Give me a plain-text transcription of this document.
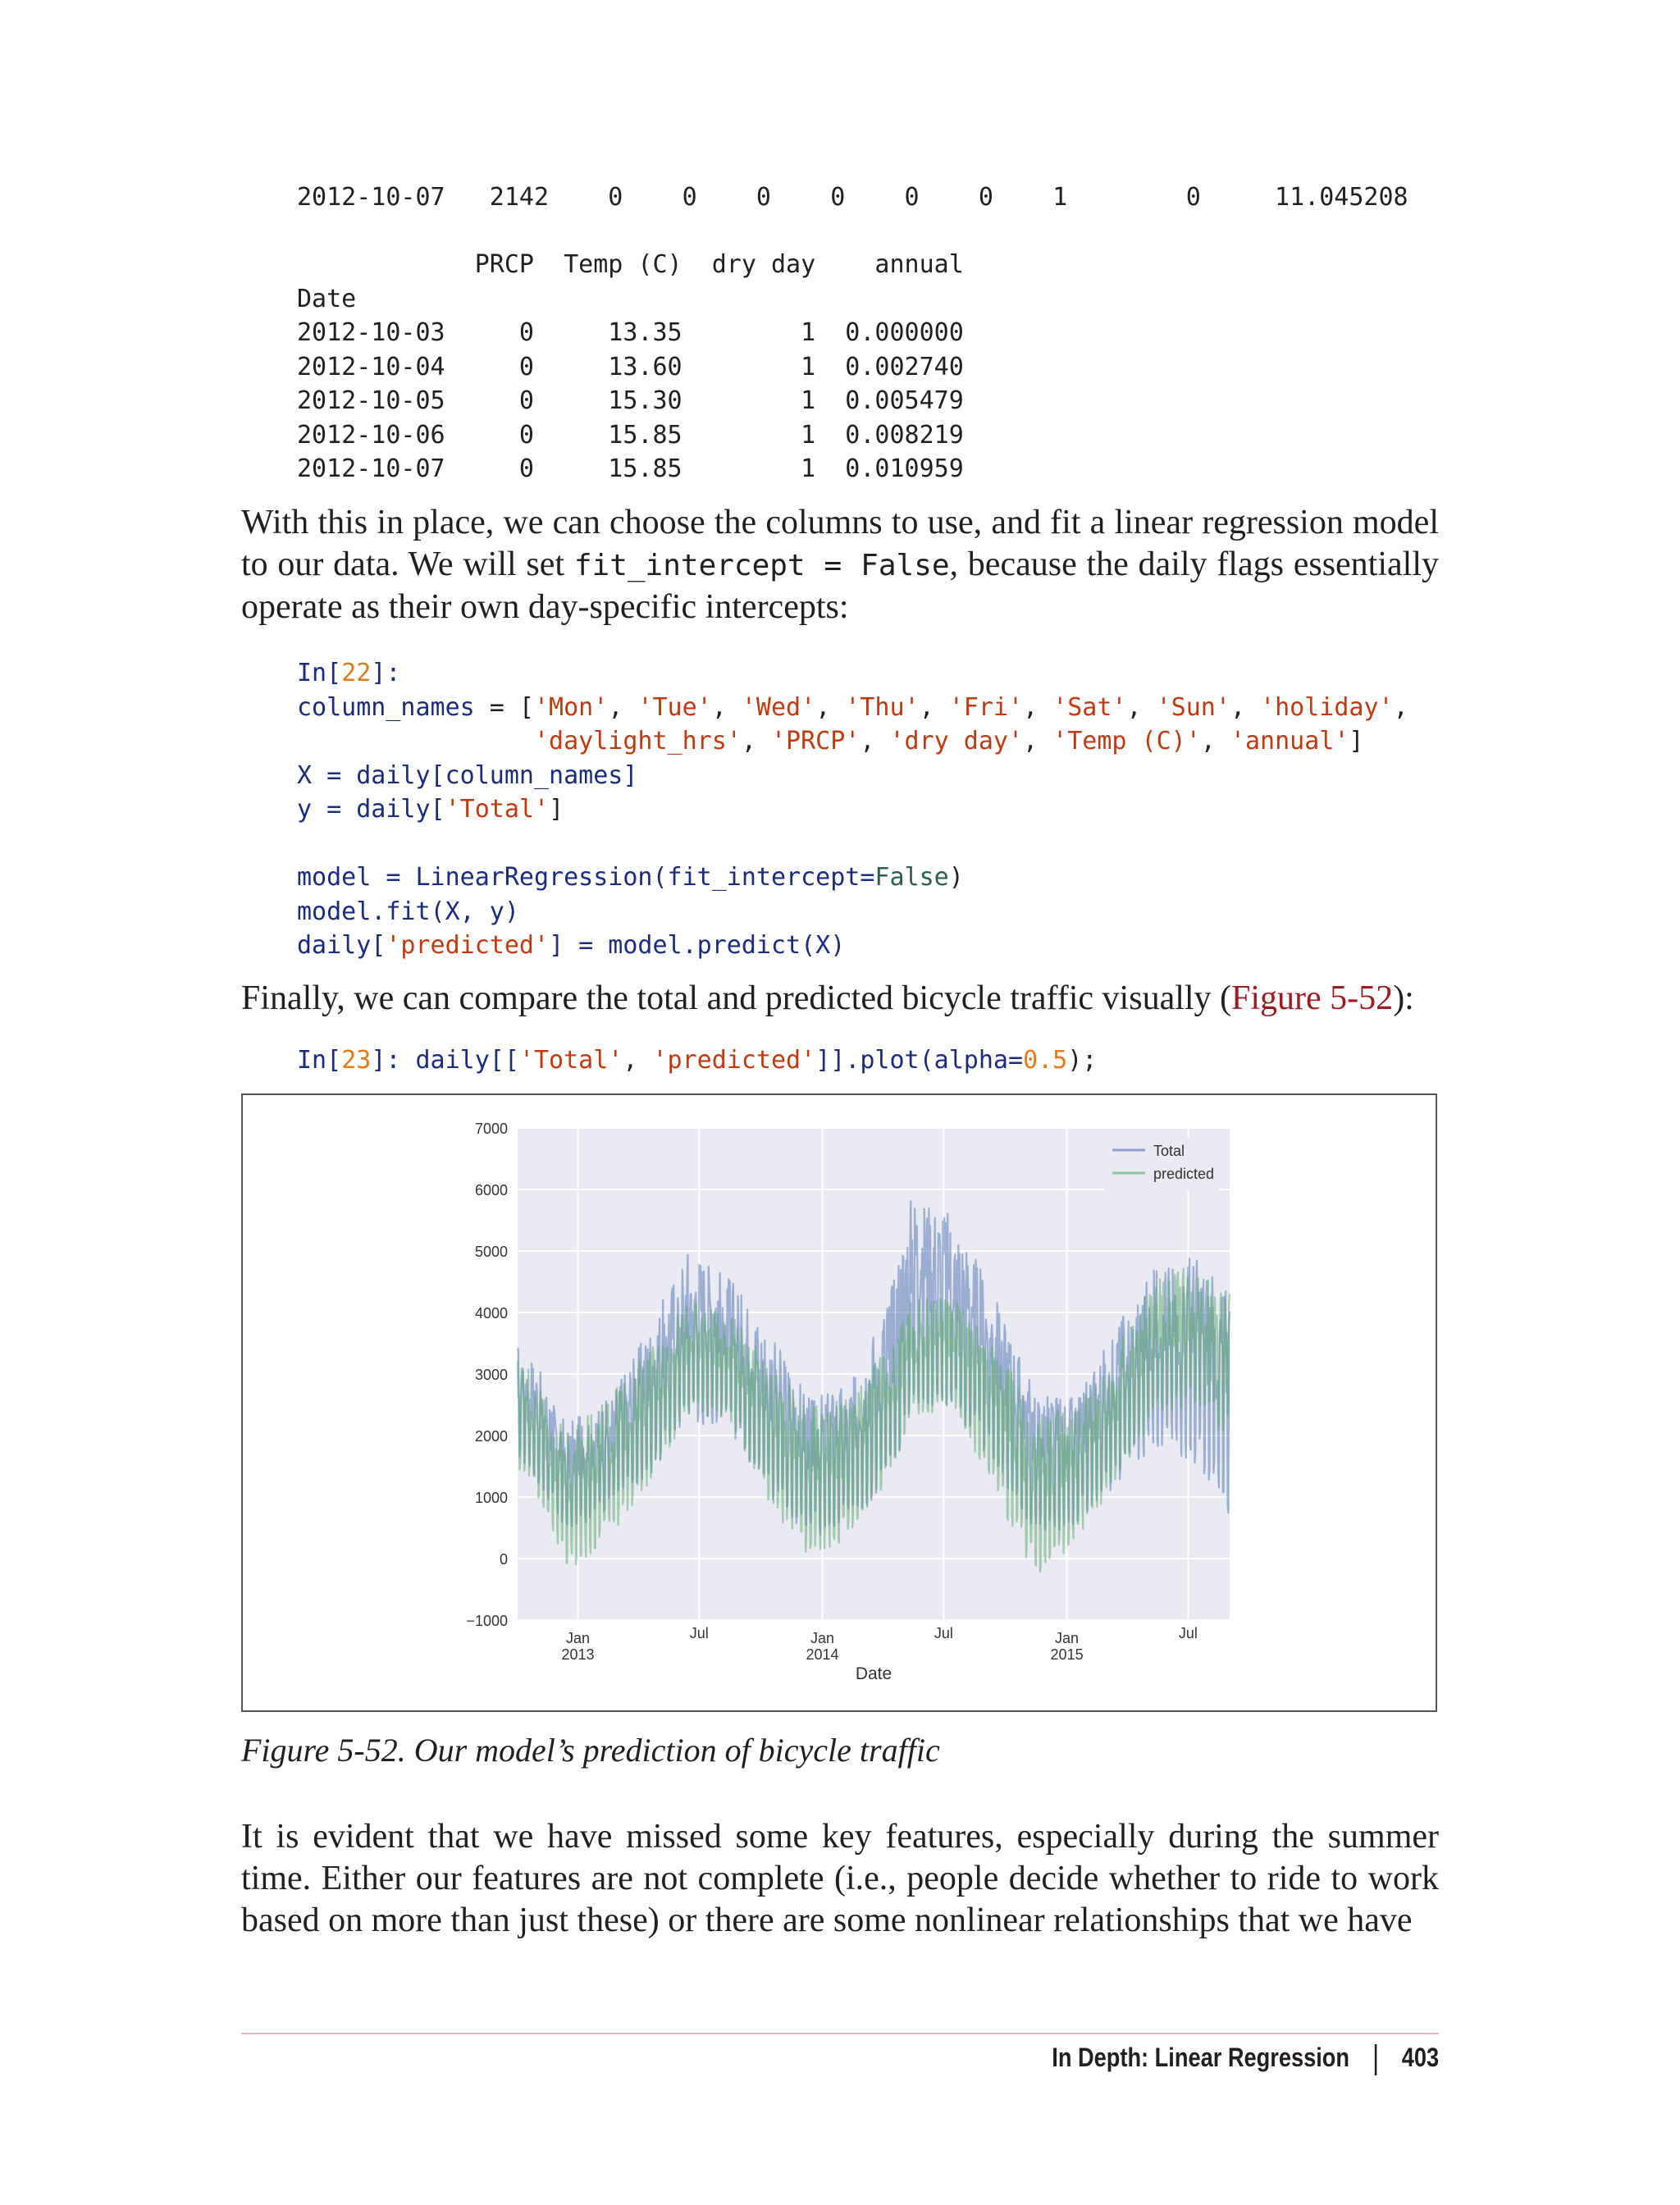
2012-10-07   2142    0    0    0    0    0    0    1        0     11.045208
PRCP  Temp (C)  dry day    annual
Date
2012-10-03     0     13.35        1  0.000000
2012-10-04     0     13.60        1  0.002740
2012-10-05     0     15.30        1  0.005479
2012-10-06     0     15.85        1  0.008219
2012-10-07     0     15.85        1  0.010959

With this in place, we can choose the columns to use, and fit a linear regression model to our data. We will set fit_intercept = False, because the daily flags essentially operate as their own day-specific intercepts:

In[22]:
column_names = ['Mon', 'Tue', 'Wed', 'Thu', 'Fri', 'Sat', 'Sun', 'holiday',
'daylight_hrs', 'PRCP', 'dry day', 'Temp (C)', 'annual']
X = daily[column_names]
y = daily['Total']

model = LinearRegression(fit_intercept=False)
model.fit(X, y)
daily['predicted'] = model.predict(X)

Finally, we can compare the total and predicted bicycle traffic visually (Figure 5-52):

In[23]: daily[['Total', 'predicted']].plot(alpha=0.5);
7000
6000
5000
4000
3000
2000
1000
0
−1000
Jan
2013
Jul	Jan
2014
Jul	Jan
2015
Jul
Date
Total
predicted
Figure 5-52. Our model’s prediction of bicycle traffic

It is evident that we have missed some key features, especially during the summer time. Either our features are not complete (i.e., people decide whether to ride to work based on more than just these) or there are some nonlinear relationships that we have

In Depth: Linear Regression 403
